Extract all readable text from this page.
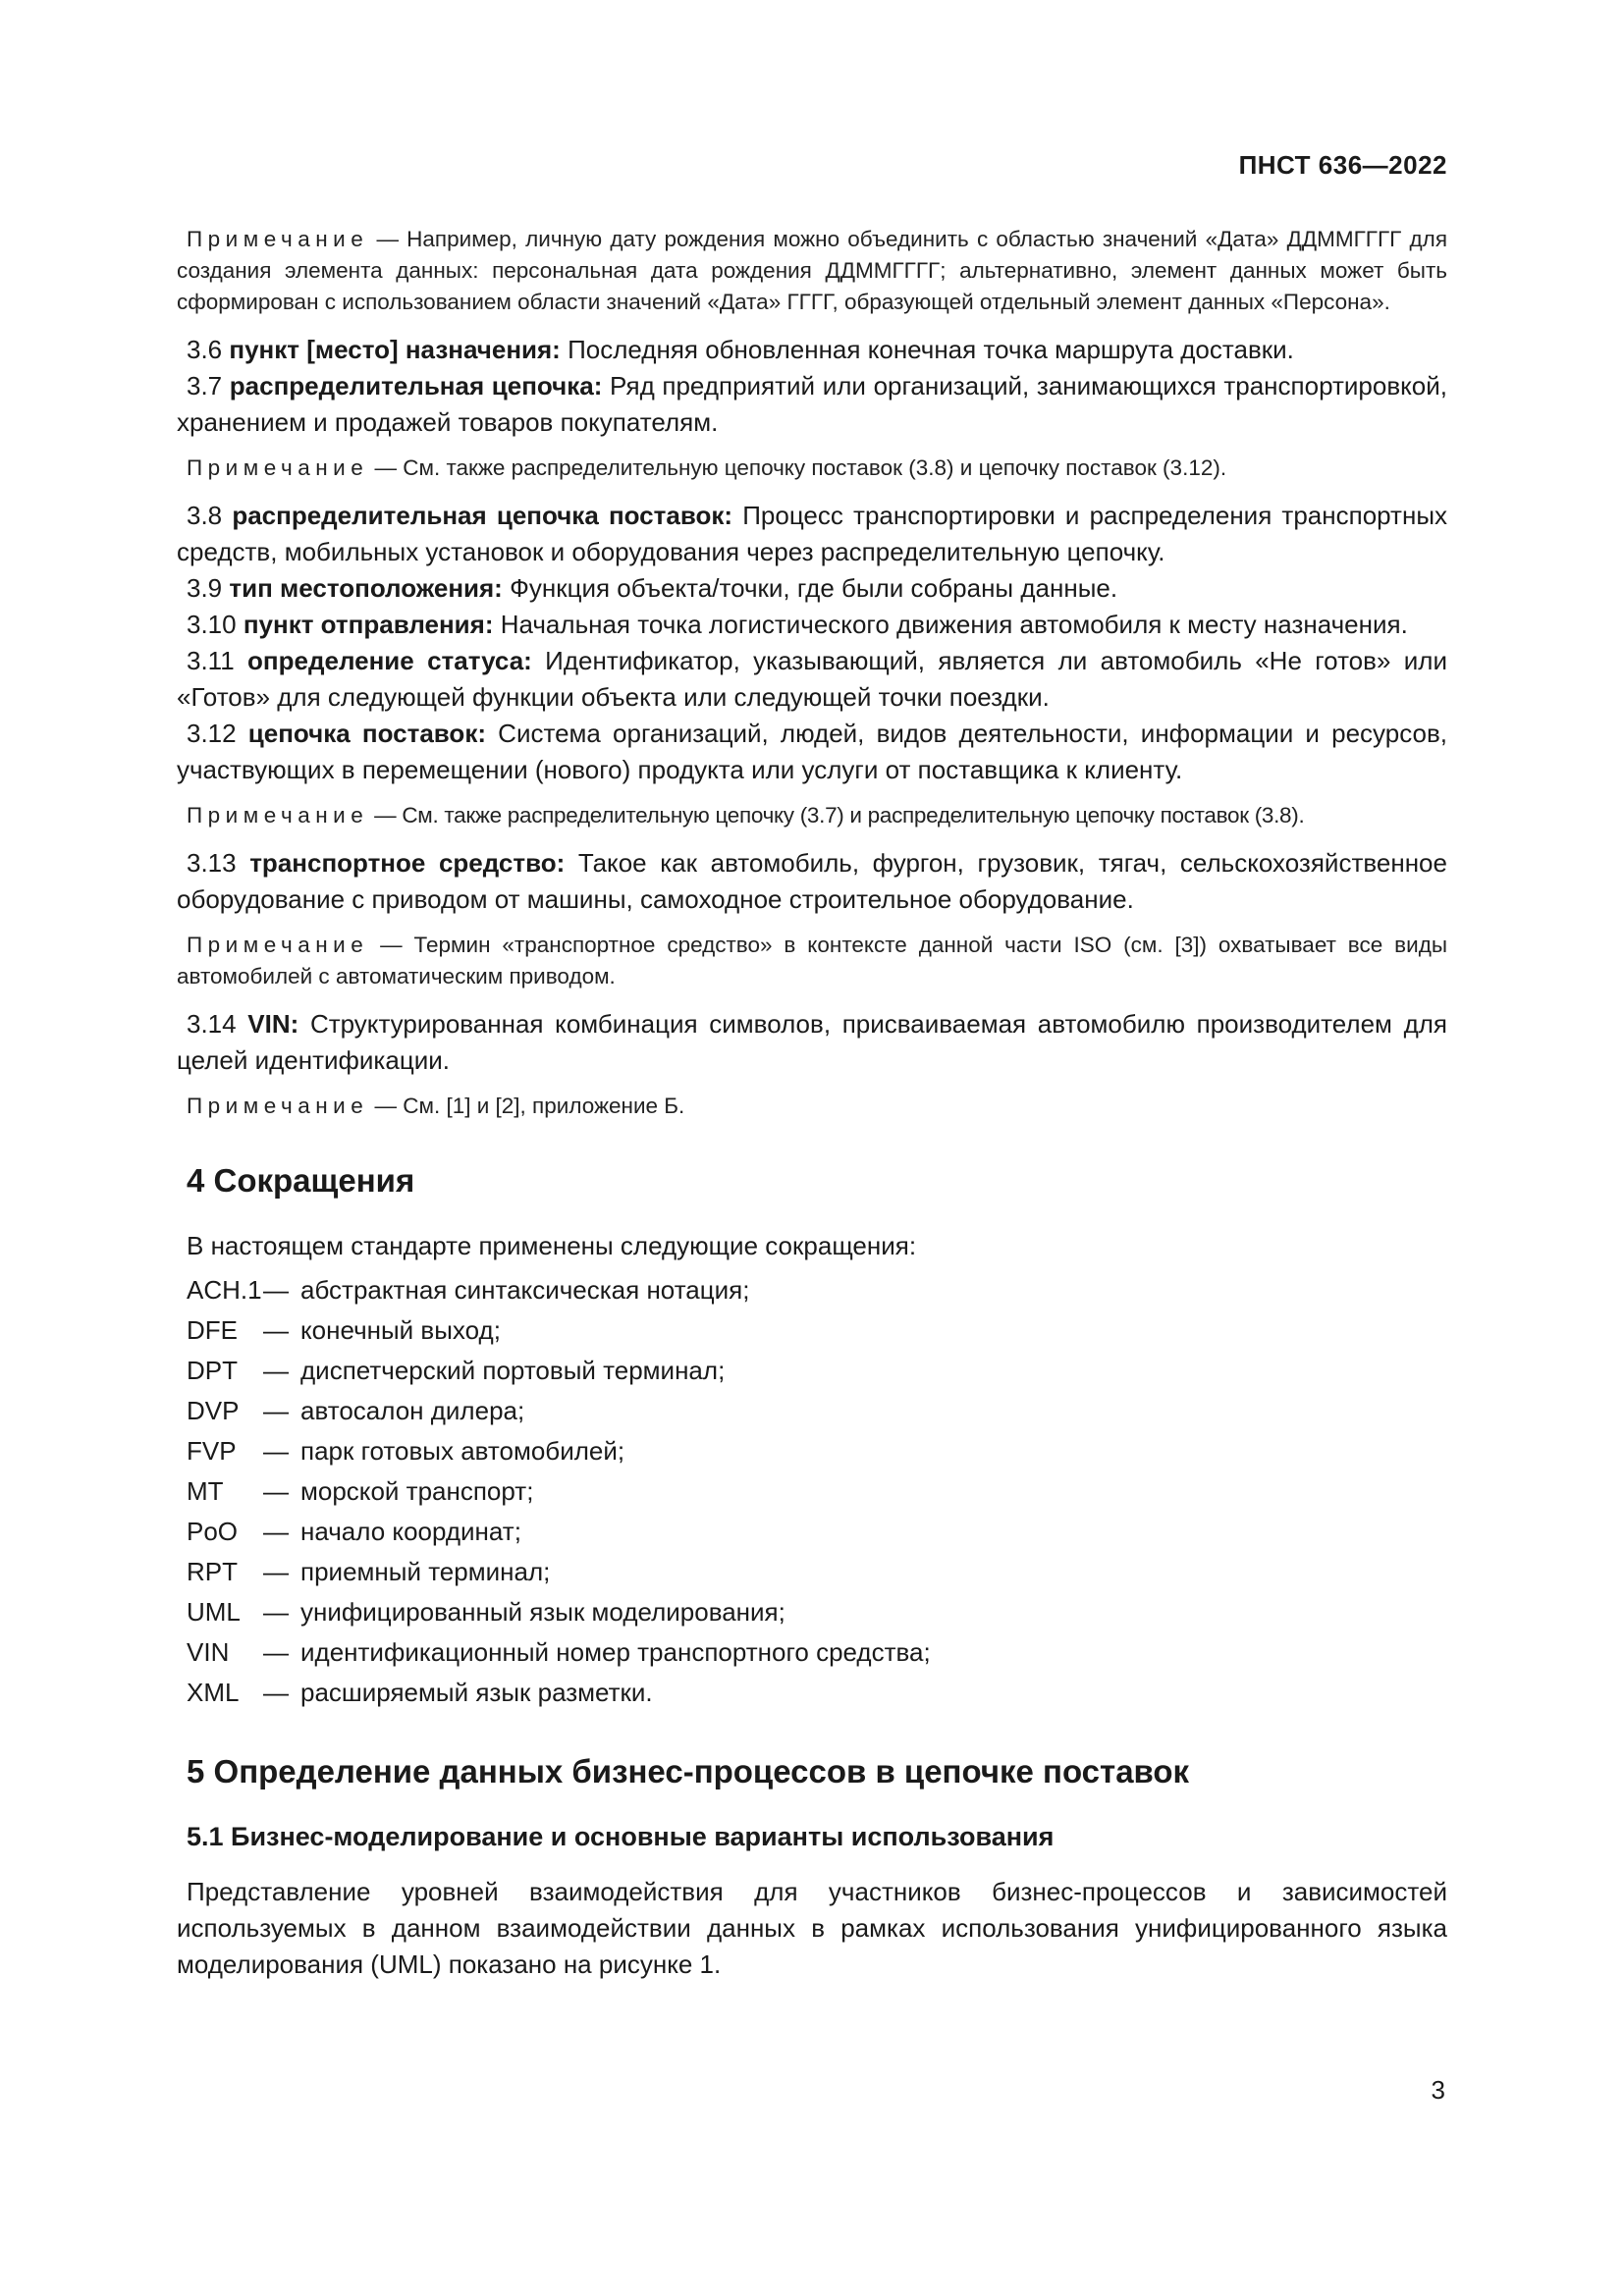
ПНСТ 636—2022

Примечание — Например, личную дату рождения можно объединить с областью значений «Дата» ДДММГГГГ для создания элемента данных: персональная дата рождения ДДММГГГГ; альтернативно, элемент данных может быть сформирован с использованием области значений «Дата» ГГГГ, образующей отдельный элемент данных «Персона».

3.6 пункт [место] назначения: Последняя обновленная конечная точка маршрута доставки.

3.7 распределительная цепочка: Ряд предприятий или организаций, занимающихся транспортировкой, хранением и продажей товаров покупателям.

Примечание — См. также распределительную цепочку поставок (3.8) и цепочку поставок (3.12).

3.8 распределительная цепочка поставок: Процесс транспортировки и распределения транспортных средств, мобильных установок и оборудования через распределительную цепочку.

3.9 тип местоположения: Функция объекта/точки, где были собраны данные.

3.10 пункт отправления: Начальная точка логистического движения автомобиля к месту назначения.

3.11 определение статуса: Идентификатор, указывающий, является ли автомобиль «Не готов» или «Готов» для следующей функции объекта или следующей точки поездки.

3.12 цепочка поставок: Система организаций, людей, видов деятельности, информации и ресурсов, участвующих в перемещении (нового) продукта или услуги от поставщика к клиенту.

Примечание — См. также распределительную цепочку (3.7) и распределительную цепочку поставок (3.8).

3.13 транспортное средство: Такое как автомобиль, фургон, грузовик, тягач, сельскохозяйственное оборудование с приводом от машины, самоходное строительное оборудование.

Примечание — Термин «транспортное средство» в контексте данной части ISO (см. [3]) охватывает все виды автомобилей с автоматическим приводом.

3.14 VIN: Структурированная комбинация символов, присваиваемая автомобилю производителем для целей идентификации.

Примечание — См. [1] и [2], приложение Б.

4 Сокращения

В настоящем стандарте применены следующие сокращения:

ACH.1 — абстрактная синтаксическая нотация;
DFE	— конечный выход;
DPT	— диспетчерский портовый терминал;
DVP — автосалон дилера;
FVP	— парк готовых автомобилей;
MT	— морской транспорт;
PoO — начало координат;
RPT	— приемный терминал;
UML — унифицированный язык моделирования;
VIN	— идентификационный номер транспортного средства;
XML — расширяемый язык разметки.
5 Определение данных бизнес-процессов в цепочке поставок
5.1 Бизнес-моделирование и основные варианты использования

Представление уровней взаимодействия для участников бизнес-процессов и зависимостей используемых в данном взаимодействии данных в рамках использования унифицированного языка моделирования (UML) показано на рисунке 1.

3
